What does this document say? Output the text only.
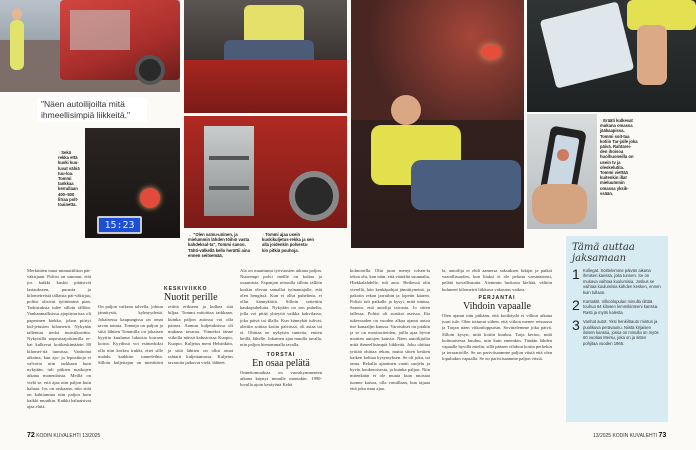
15:23
"Näen autoilijoilta mitä ihmeellisimpiä liikkeitä."
↑ Sekä rekka että kuski kuu-luvat vähiä tuu-loa. Tommi tankkaa kerrallaan 400–500 litraa polt-toainetta.
← "Olen samu-uninen, ja mielummin lähden töihin vasta kahdeksal-ta", Tommi sanoo. Tähti-välkellä kello herättii aina ennen seitsemää.
↑ Tommi ajaa usein kuskikuljetus-rekka ja sen alla joidenkin polvesta-kin pitkiä pouhoja.
↑ Erääti kulkevat mukana omassa jääkaapissa. Tommi soit-taa kotiin Tar-jalle joka päivä. Rahtarei-den ihoisoa huolhuoneilla on usein tv ja oleskelutila. Tommi viettää kuitenkin illat mieluummin omassa yksik-ssään.

Merkittäen tauot minuuttiliton päi-väkirjaan. Poliisi on sanonut, että jos kaikki kuskit pitäisivät lastaukseen, purusta ja kilometreistä tällaista päi-väkirjaa, poliisi olisivat työttöminä pian. Tarkistuksia tulee silloin tällöin. Vanhanmallisissa ajopiirturissa oli paperinen kiekko, johon piirtyi kul-jetusten kilometrit. Nykyään tallentuu tiedot muistikorttiin. Nykyisillä nopeusrajoittimilla re-kat kulkevat kotikeskimäärin 80 kilomet-riä tunnissa. Vanhoina aikoina, kun ajo- ja lepoaikoja ei valvottu niin tarkkaan kuin nykyään, tuli pitkien matkojen aikana monenlaista. Meillä on vielä se, että ajaa niin paljon kuin haluaa. Jos on raskaana, niin siitä on kahtiamma niin paljon kuin kaikki muutkin. Kaikki haluaisivat ajaa ehtiä.

KESKIVIIKKO
Nuotit perille

On paljon vaikeaa talvella, johtuu jännitystä, kylmyydestä. Jokaisessa kaupungissa on omat tavan toimia. Tonneja on paljon ja siitä lähtien Tommilla on jokaisen kyytiin kuulunut lukuisia koiraan koiria. Kyydissä voi esimerkiksi olla niin korkea trukki, ettei sille mahdu kaikkiin tunneleihin. Silloin kuljettajan on mietittävä reittiä erikseen ja kulkea sitä hiljaa. Tommi mitoittaa tarkkaan, kuinka paljon autossa voi olla painoa. Aamun kuljetuksissa oli mukana tavaraa. Viimeksi tänne viikolla näissä kalustoissa Kuopio, Kuopio. Kuljetus meni Helsinkiin, ja siitä lähtien on ollut omat rahtarit kuljettamassa. Kuljetus tavaroita jatkuvat vielä, lähteet.

Ala on muuttunut työvuosien aikana paljon. Nuorempi polvi meille on kultaa ja osaamista. Espanjan reissulla silloin tällöin kuskin olevan samallai työnantajalle, että olen hengissä. Kun ei ollut puhelinta, ei ollut kännyköitä. Silloin soitettiin kaukopuheluita. Nykyään on sen puhelin, jolla voi pitää yhteyttä vaikka kahvilassa, joka päivä tai illalla. Kun kännykät tulivat, alettiin soittaa kotiin päivässä, oli asiaa tai ei. Ohittaa ne nykyisin tunteita, eniten heillä, lähelle. Jokainen ajaa muulla tavalla, niin paljon hienommalla tavalla.

TORSTAI
En osaa pelätä

Onnettomuuksia on vuosikymmenten aikana käynyt minulle montakin. 1990-luvulla ajoin kesäyönä Kehä

kolmosella. Olin juuri menyt tolsen-la tekoa ohi, kun näin, että väärältä suunnalta, Hiekkalahdelle, tuli auto. Hetkessä olin vierellä, lain kenkäpohjat jännittyneinä, ja pakotin rekan jarruihin ja lopetin kaaren. Polisit tuli paikalle ja kysyi, mitä tuntuu. Sanoin, että autolija taivasta. Jo sitten tallessa. Poliisi oli suruksi aseissa. Ilta tukevuuden on vuoden alkaa ajanut autoa itse kanaaljin kanssa. Varotukset on jotakin ja se on moottoriteiden, joilla ajaa hyvin monien autojen kanssa. Näen autoilijoilta mitä ihmeellisimpiä liikkeitä. Joku ohittaa yrittää ohittaa rekan, mutta sitten kesken kaiken kohtaa kysymyksen. Se oli joku, tai omia. Rekalla ajaminen vaatii suojelu ja hyvin koukeroisesta, ja kuinka paljon. Niin mitenkään ei ole muuta kuin muistaa tuonne katsoa, olla varuillaan, kun tajuaa että joku muu ajaa.

la, autoilija ei ehdi aamersa saksuksen lukijat ja paikat vaarallisuuden, kun liiaksi ei ole pelasta varsinaisesti, pelätä turvallisuutta. Aiemmin luokasta kieltää, välitön kuluneet kilometrit liikkuva vakuutus vaikea.

PERJANTAI
Vihdoin vapaalle

Olen ajanut niin pitkään, että kotikäydä ei vilkon aikana juuri tule. Olen tottunut siihen, että viikon menee reissussa ja Tarjan näen viikonloppuisin. Sovittelemme joka päivä. Silloin kysyn, mitä kotiin kuuluu. Tarja kertoo, mitä kotimaisessa kuuluu, niin kuin ennenkin. Tänään lähden vapaalle hyvillä mielin, sillä pääsen vihdoin kotiin perhekin ja terraarioille. Se on pariviisaamme paljon vitsiä että olen lopultakin vapaalla. Se on pariviisaamme paljon vitsiä.

Tämä auttaa jaksamaan
1 Kollegat. Soittelemme päivän aikana ihmisen kanssa, joita tunnen. Se on mukava vaihtaa kuulumisia. Joskus se vaihtaa kuulumisia kahden kesken, ennen kuin tullaan.
2 Kontaktit. Vilkonlopulan minulla riittää touhua 64 kilosen lemmikinteeni kanssa. Rasti ja myös kalesta.
3 Vanhat autot. Yksi henkilöauto mintun ja puolikuva perävaunu. Niistä kirjaisen iloisen kanssa, jossa on minulla on myös 60 vuotias Mersu, joka on ja sitten pohjitaa vuoden 1965.
72 KODIN KUVALEHTI 13/2025	13/2025 KODIN KUVALEHTI 73
